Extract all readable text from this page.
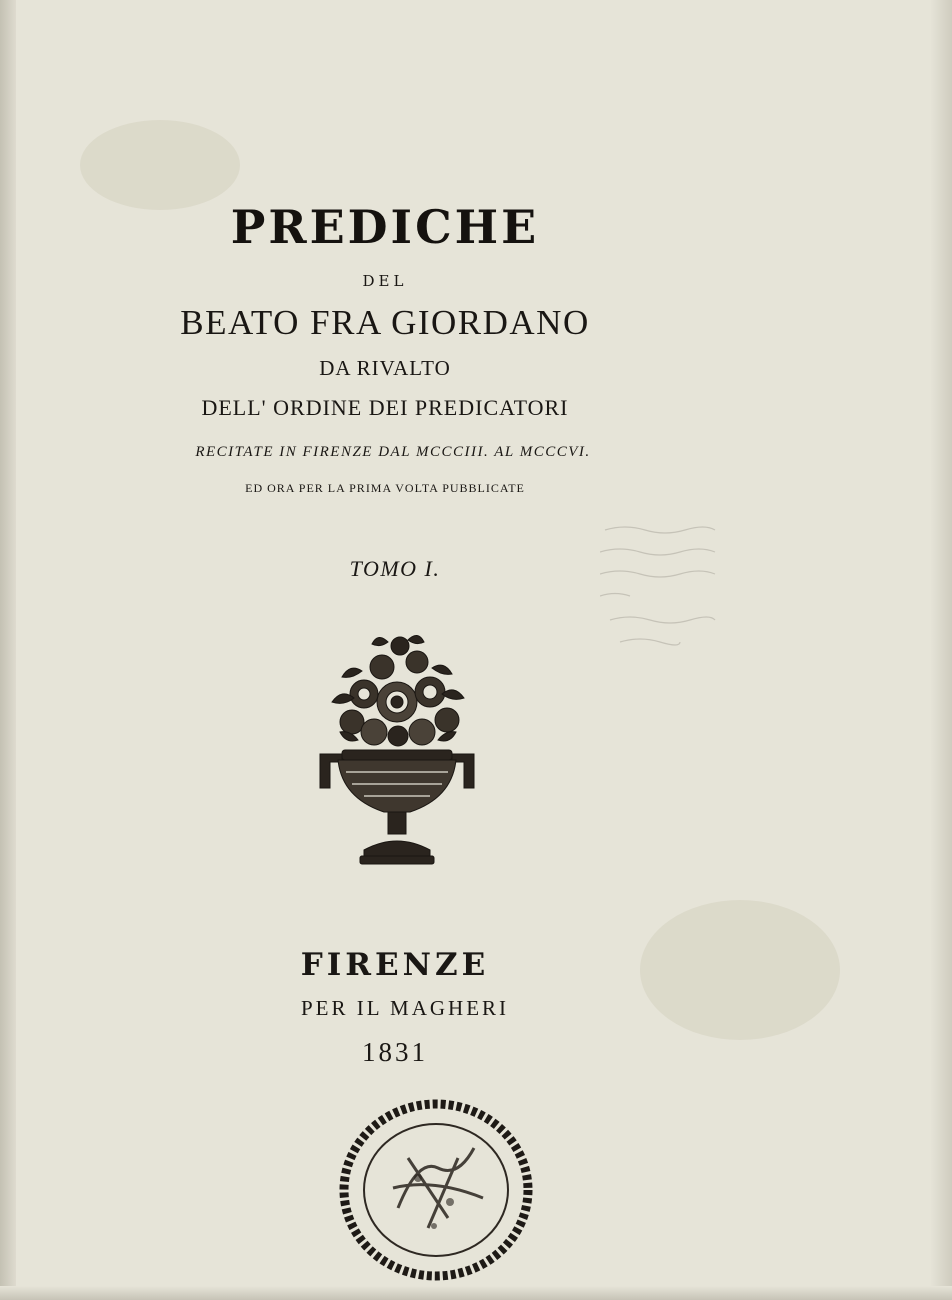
PREDICHE
DEL
BEATO FRA GIORDANO
DA RIVALTO
DELL' ORDINE DEI PREDICATORI
RECITATE IN FIRENZE DAL MCCCIII. AL MCCCVI.
ED ORA PER LA PRIMA VOLTA PUBBLICATE
TOMO I.
FIRENZE
PER IL MAGHERI
1831
